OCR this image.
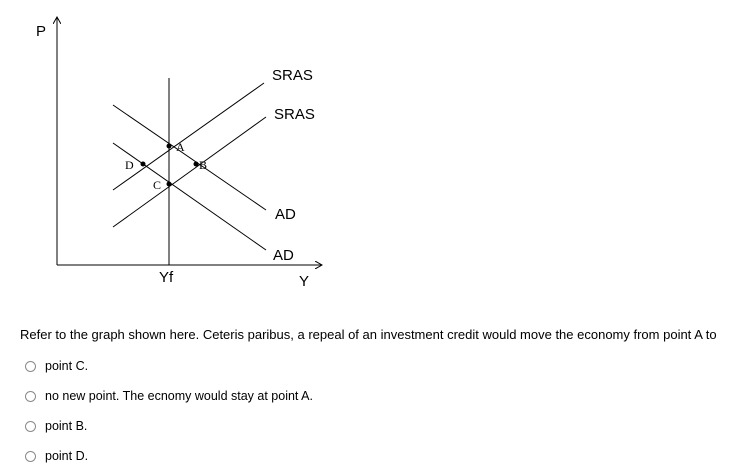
A
B
C
D
SRAS
SRAS
AD
AD
P
Y
Yf
Refer to the graph shown here. Ceteris paribus, a repeal of an investment credit would move the economy from point A to
point C.
no new point. The ecnomy would stay at point A.
point B.
point D.
